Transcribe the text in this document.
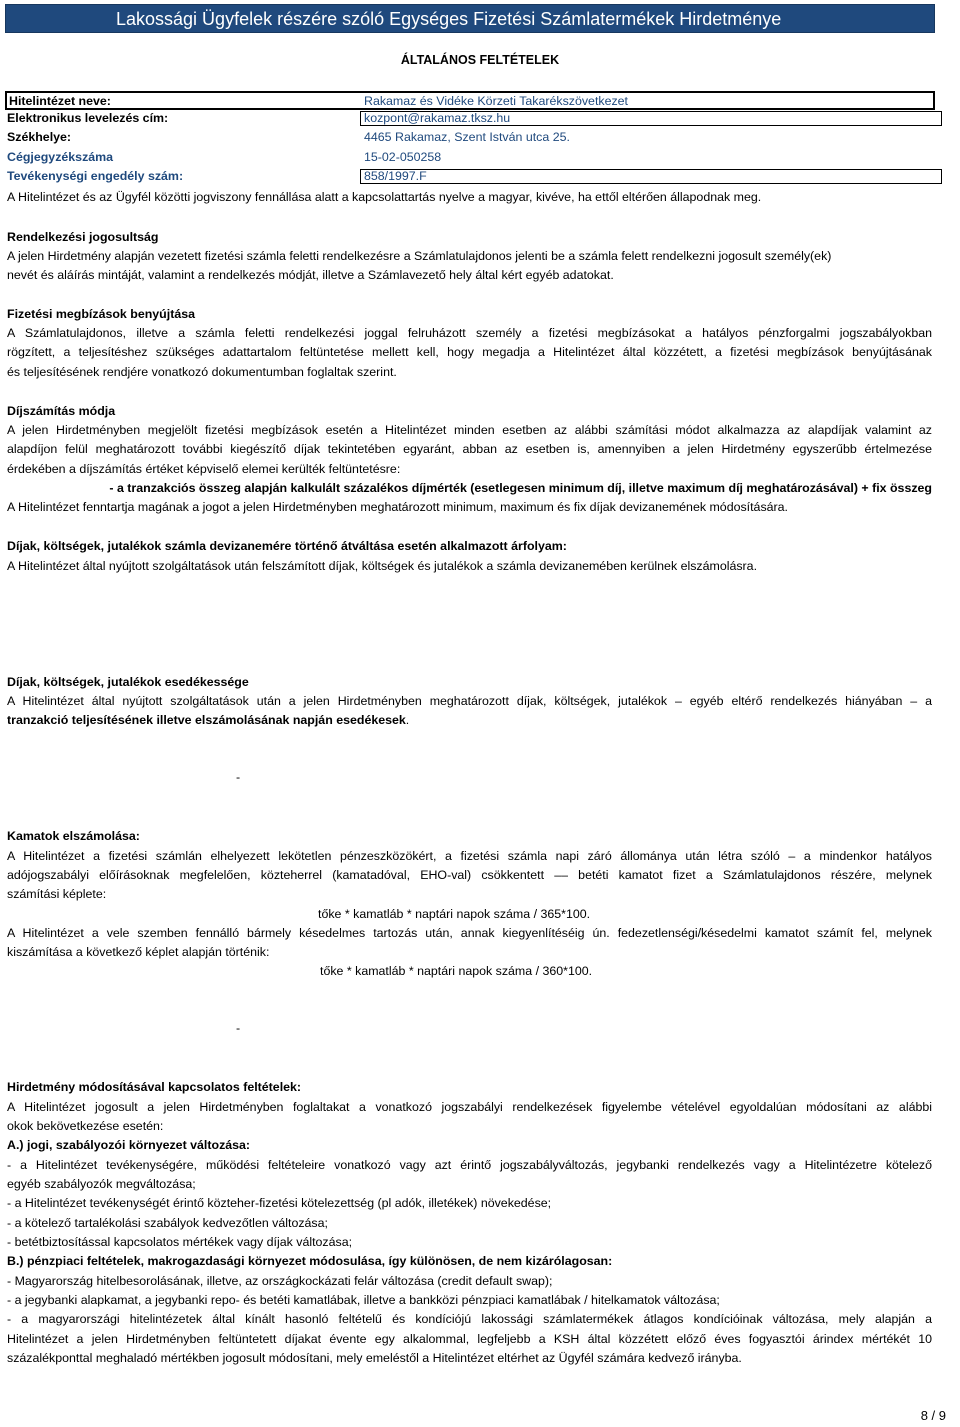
Lakossági Ügyfelek részére szóló Egységes Fizetési Számlatermékek Hirdetménye
ÁLTALÁNOS FELTÉTELEK
Hitelintézet neve:	Rakamaz és Vidéke Körzeti Takarékszövetkezet
Elektronikus levelezés cím:	kozpont@rakamaz.tksz.hu
Székhelye:	4465 Rakamaz, Szent István utca 25.
Cégjegyzékszáma	15-02-050258
Tevékenységi engedély szám:	858/1997.F
A Hitelintézet és az Ügyfél közötti jogviszony fennállása alatt a kapcsolattartás nyelve a magyar, kivéve, ha ettől eltérően állapodnak meg.
Rendelkezési jogosultság
A jelen Hirdetmény alapján vezetett fizetési számla feletti rendelkezésre a Számlatulajdonos jelenti be a számla felett rendelkezni jogosult személy(ek)
nevét és aláírás mintáját, valamint a rendelkezés módját, illetve a Számlavezető hely által kért egyéb adatokat.
Fizetési megbízások benyújtása
A Számlatulajdonos, illetve a számla feletti rendelkezési joggal felruházott személy a fizetési megbízásokat a hatályos pénzforgalmi jogszabályokban
rögzített, a teljesítéshez szükséges adattartalom feltüntetése mellett kell, hogy megadja a Hitelintézet által közzétett, a fizetési megbízások benyújtásának
és teljesítésének rendjére vonatkozó dokumentumban foglaltak szerint.
Díjszámítás módja
A jelen Hirdetményben megjelölt fizetési megbízások esetén a Hitelintézet minden esetben az alábbi számítási módot alkalmazza az alapdíjak valamint az
alapdíjon felül meghatározott további kiegészítő díjak tekintetében egyaránt, abban az esetben is, amennyiben a jelen Hirdetmény egyszerűbb értelmezése
érdekében a díjszámítás értéket képviselő elemei kerülték feltüntetésre:
- a tranzakciós összeg alapján kalkulált százalékos díjmérték (esetlegesen minimum díj, illetve maximum díj meghatározásával) + fix összeg
A Hitelintézet fenntartja magának a jogot a jelen Hirdetményben meghatározott minimum, maximum és fix díjak devizanemének módosítására.
Díjak, költségek, jutalékok számla devizanemére történő átváltása esetén alkalmazott árfolyam:
A Hitelintézet által nyújtott szolgáltatások után felszámított díjak, költségek és jutalékok a számla devizanemében kerülnek elszámolásra.
Díjak, költségek, jutalékok esedékessége
A Hitelintézet által nyújtott szolgáltatások után a jelen Hirdetményben meghatározott díjak, költségek, jutalékok – egyéb eltérő rendelkezés hiányában – a
tranzakció teljesítésének illetve elszámolásának napján esedékesek.
-
Kamatok elszámolása:
A Hitelintézet a fizetési számlán elhelyezett lekötetlen pénzeszközökért, a fizetési számla napi záró állománya után létra szóló – a mindenkor hatályos
adójogszabályi előírásoknak megfelelően, közteherrel (kamatadóval, EHO-val) csökkentett –– betéti kamatot fizet a Számlatulajdonos részére, melynek
számítási képlete:
tőke * kamatláb * naptári napok száma / 365*100.
A Hitelintézet a vele szemben fennálló bármely késedelmes tartozás után, annak kiegyenlítéséig ún. fedezetlenségi/késedelmi kamatot számít fel, melynek
kiszámítása a következő képlet alapján történik:
tőke * kamatláb * naptári napok száma / 360*100.
-
Hirdetmény módosításával kapcsolatos feltételek:
A Hitelintézet jogosult a jelen Hirdetményben foglaltakat a vonatkozó jogszabályi rendelkezések figyelembe vételével egyoldalúan módosítani az alábbi
okok bekövetkezése esetén:
A.) jogi, szabályozói környezet változása:
- a Hitelintézet tevékenységére, működési feltételeire vonatkozó vagy azt érintő jogszabályváltozás, jegybanki rendelkezés vagy a Hitelintézetre kötelező
egyéb szabályozók megváltozása;
- a Hitelintézet tevékenységét érintő közteher-fizetési kötelezettség (pl adók, illetékek) növekedése;
- a kötelező tartalékolási szabályok kedvezőtlen változása;
- betétbiztosítással kapcsolatos mértékek vagy díjak változása;
B.) pénzpiaci feltételek, makrogazdasági környezet módosulása, így különösen, de nem kizárólagosan:
- Magyarország hitelbesorolásának, illetve, az országkockázati felár változása (credit default swap);
- a jegybanki alapkamat, a jegybanki repo- és betéti kamatlábak, illetve a bankközi pénzpiaci kamatlábak / hitelkamatok változása;
- a magyarországi hitelintézetek által kínált hasonló feltételű és kondíciójú lakossági számlatermékek átlagos kondícióinak változása, mely alapján a
Hitelintézet a jelen Hirdetményben feltüntetett díjakat évente egy alkalommal, legfeljebb a KSH által közzétett előző éves fogyasztói árindex mértékét 10
százalékponttal meghaladó mértékben jogosult módosítani, mely emeléstől a Hitelintézet eltérhet az Ügyfél számára kedvező irányba.
8 / 9
